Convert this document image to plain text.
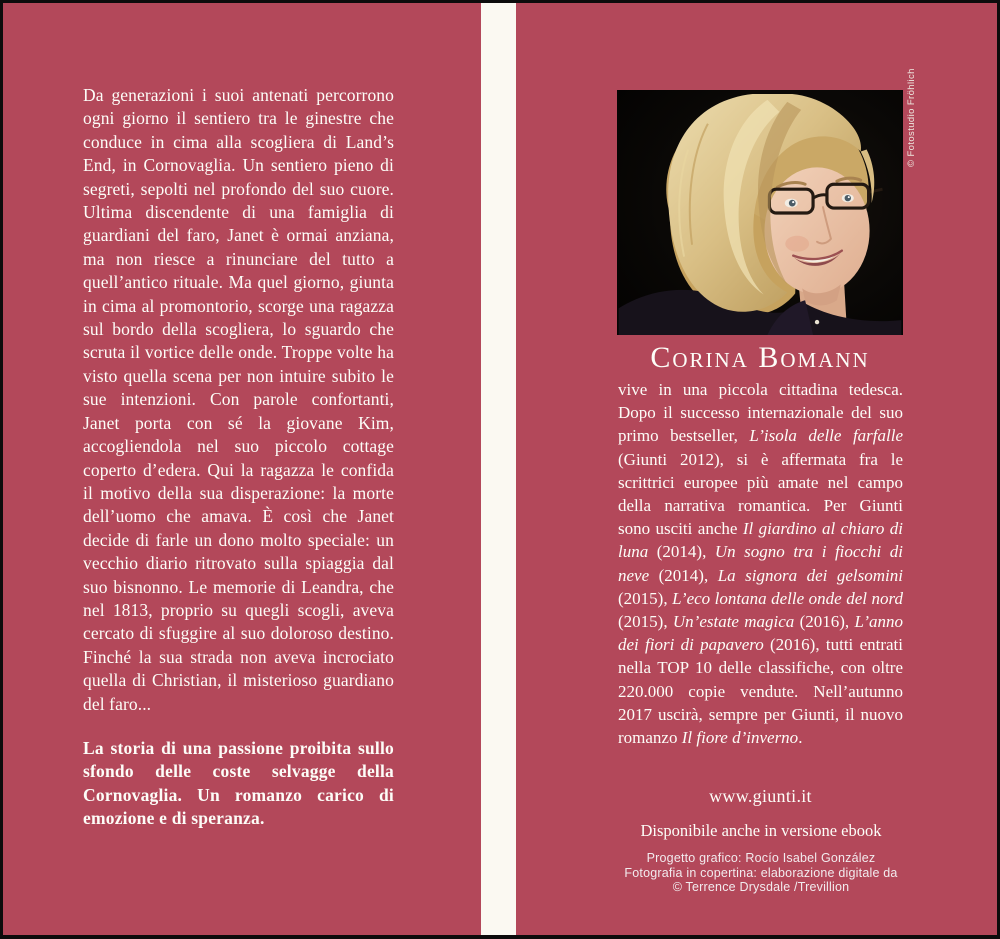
Da generazioni i suoi antenati percorrono ogni giorno il sentiero tra le ginestre che conduce in cima alla scogliera di Land’s End, in Cornovaglia. Un sentiero pieno di segreti, sepolti nel profondo del suo cuore. Ultima discendente di una famiglia di guardiani del faro, Janet è ormai anziana, ma non riesce a rinunciare del tutto a quell’antico rituale. Ma quel giorno, giunta in cima al promontorio, scorge una ragazza sul bordo della scogliera, lo sguardo che scruta il vortice delle onde. Troppe volte ha visto quella scena per non intuire subito le sue intenzioni. Con parole confortanti, Janet porta con sé la giovane Kim, accogliendola nel suo piccolo cottage coperto d’edera. Qui la ragazza le confida il motivo della sua disperazione: la morte dell’uomo che amava. È così che Janet decide di farle un dono molto speciale: un vecchio diario ritrovato sulla spiaggia dal suo bisnonno. Le memorie di Leandra, che nel 1813, proprio su quegli scogli, aveva cercato di sfuggire al suo doloroso destino. Finché la sua strada non aveva incrociato quella di Christian, il misterioso guardiano del faro...

La storia di una passione proibita sullo sfondo delle coste selvagge della Cornovaglia. Un romanzo carico di emozione e di speranza.

© Fotostudio Fröhlich
Corina Bomann
vive in una piccola cittadina tedesca. Dopo il successo internazionale del suo primo bestseller, L’isola delle farfalle (Giunti 2012), si è affermata fra le scrittrici europee più amate nel campo della narrativa romantica. Per Giunti sono usciti anche Il giardino al chiaro di luna (2014), Un sogno tra i fiocchi di neve (2014), La signora dei gelsomini (2015), L’eco lontana delle onde del nord (2015), Un’estate magica (2016), L’anno dei fiori di papavero (2016), tutti entrati nella TOP 10 delle classifiche, con oltre 220.000 copie vendute. Nell’autunno 2017 uscirà, sempre per Giunti, il nuovo romanzo Il fiore d’inverno.
www.giunti.it
Disponibile anche in versione ebook
Progetto grafico: Rocío Isabel González
Fotografia in copertina: elaborazione digitale da
© Terrence Drysdale /Trevillion
